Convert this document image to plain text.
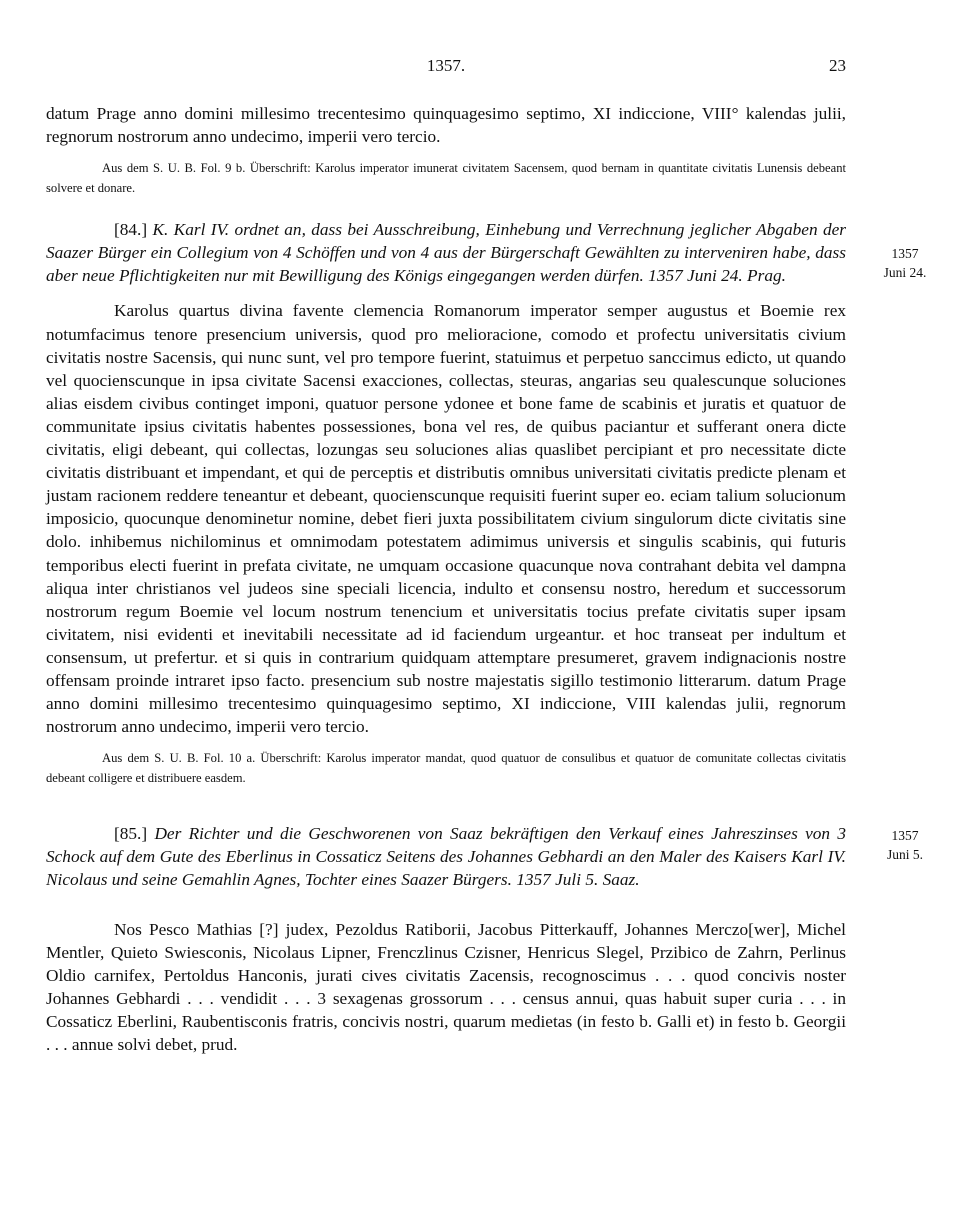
1357.	23

datum Prage anno domini millesimo trecentesimo quinquagesimo septimo, XI indiccione, VIII° kalendas julii, regnorum nostrorum anno undecimo, imperii vero tercio.

Aus dem S. U. B. Fol. 9 b. Überschrift: Karolus imperator imunerat civitatem Sacensem, quod bernam in quantitate civitatis Lunensis debeant solvere et donare.

1357
Juni 24.

[84.] K. Karl IV. ordnet an, dass bei Ausschreibung, Einhebung und Verrechnung jeglicher Abgaben der Saazer Bürger ein Collegium von 4 Schöffen und von 4 aus der Bürgerschaft Gewählten zu interveniren habe, dass aber neue Pflichtigkeiten nur mit Bewilligung des Königs eingegangen werden dürfen. 1357 Juni 24. Prag.

Karolus quartus divina favente clemencia Romanorum imperator semper augustus et Boemie rex notumfacimus tenore presencium universis, quod pro melioracione, comodo et profectu universitatis civium civitatis nostre Sacensis, qui nunc sunt, vel pro tempore fuerint, statuimus et perpetuo sanccimus edicto, ut quando vel quocienscunque in ipsa civitate Sacensi exacciones, collectas, steuras, angarias seu qualescunque soluciones alias eisdem civibus continget imponi, quatuor persone ydonee et bone fame de scabinis et juratis et quatuor de communitate ipsius civitatis habentes possessiones, bona vel res, de quibus paciantur et sufferant onera dicte civitatis, eligi debeant, qui collectas, lozungas seu soluciones alias quaslibet percipiant et pro necessitate dicte civitatis distribuant et impendant, et qui de perceptis et distributis omnibus universitati civitatis predicte plenam et justam racionem reddere teneantur et debeant, quocienscunque requisiti fuerint super eo. eciam talium solucionum imposicio, quocunque denominetur nomine, debet fieri juxta possibilitatem civium singulorum dicte civitatis sine dolo. inhibemus nichilominus et omnimodam potestatem adimimus universis et singulis scabinis, qui futuris temporibus electi fuerint in prefata civitate, ne umquam occasione quacunque nova contrahant debita vel dampna aliqua inter christianos vel judeos sine speciali licencia, indulto et consensu nostro, heredum et successorum nostrorum regum Boemie vel locum nostrum tenencium et universitatis tocius prefate civitatis super ipsam civitatem, nisi evidenti et inevitabili necessitate ad id faciendum urgeantur. et hoc transeat per indultum et consensum, ut prefertur. et si quis in contrarium quidquam attemptare presumeret, gravem indignacionis nostre offensam proinde intraret ipso facto. presencium sub nostre majestatis sigillo testimonio litterarum. datum Prage anno domini millesimo trecentesimo quinquagesimo septimo, XI indiccione, VIII kalendas julii, regnorum nostrorum anno undecimo, imperii vero tercio.

Aus dem S. U. B. Fol. 10 a. Überschrift: Karolus imperator mandat, quod quatuor de consulibus et quatuor de comunitate collectas civitatis debeant colligere et distribuere easdem.

1357
Juni 5.

[85.] Der Richter und die Geschworenen von Saaz bekräftigen den Verkauf eines Jahreszinses von 3 Schock auf dem Gute des Eberlinus in Cossaticz Seitens des Johannes Gebhardi an den Maler des Kaisers Karl IV. Nicolaus und seine Gemahlin Agnes, Tochter eines Saazer Bürgers. 1357 Juli 5. Saaz.

Nos Pesco Mathias [?] judex, Pezoldus Ratiborii, Jacobus Pitterkauff, Johannes Merczo[wer], Michel Mentler, Quieto Swiesconis, Nicolaus Lipner, Frenczlinus Czisner, Henricus Slegel, Przibico de Zahrn, Perlinus Oldio carnifex, Pertoldus Hanconis, jurati cives civitatis Zacensis, recognoscimus . . . quod concivis noster Johannes Gebhardi . . . vendidit . . . 3 sexagenas grossorum . . . census annui, quas habuit super curia . . . in Cossaticz Eberlini, Raubentisconis fratris, concivis nostri, quarum medietas (in festo b. Galli et) in festo b. Georgii . . . annue solvi debet, prud.
